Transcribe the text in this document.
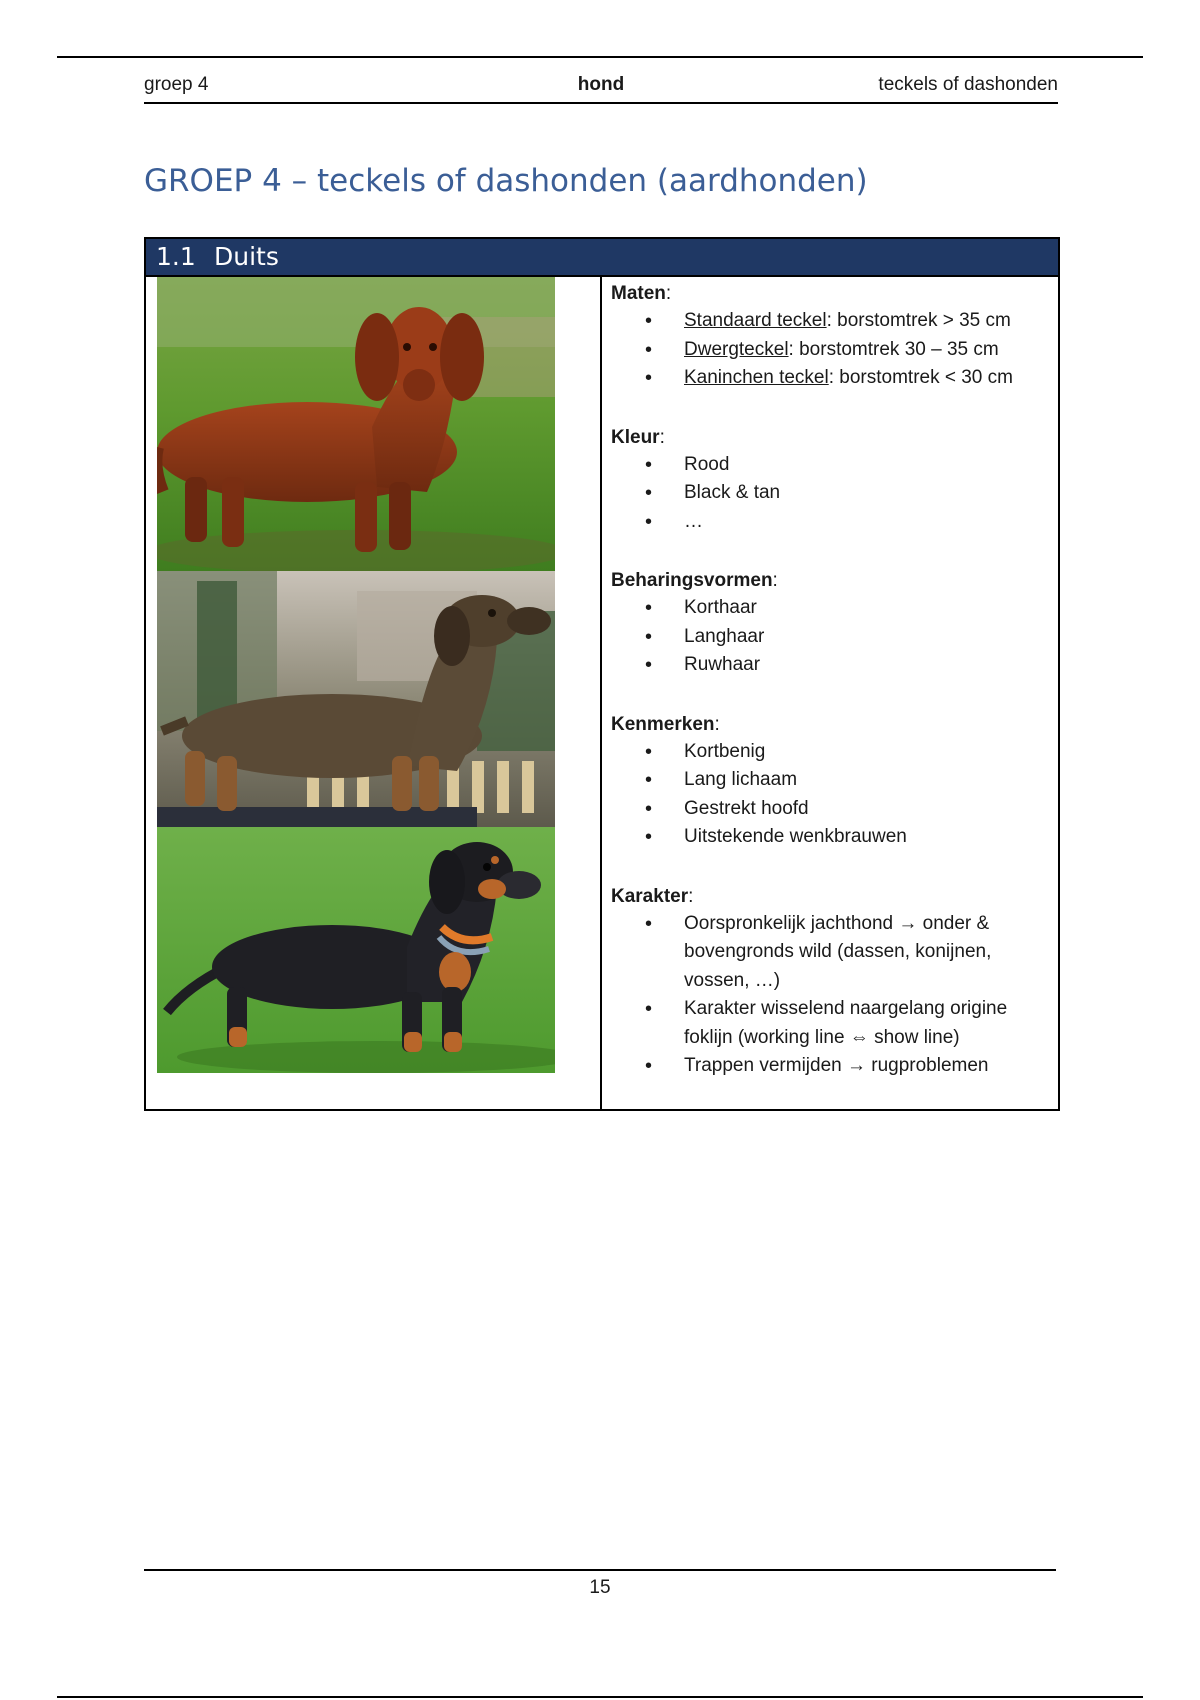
groep 4	hond	teckels of dashonden
GROEP 4 – teckels of dashonden (aardhonden)
1.1 Duits
Maten:
• Standaard teckel: borstomtrek > 35 cm
• Dwergteckel: borstomtrek 30 – 35 cm
• Kaninchen teckel: borstomtrek < 30 cm
Kleur:
• Rood
• Black & tan
• …
Beharingsvormen:
• Korthaar
• Langhaar
• Ruwhaar
Kenmerken:
• Kortbenig
• Lang lichaam
• Gestrekt hoofd
• Uitstekende wenkbrauwen
Karakter:
• Oorspronkelijk jachthond → onder & bovengronds wild (dassen, konijnen, vossen, …)
• Karakter wisselend naargelang origine foklijn (working line ⇔ show line)
• Trappen vermijden → rugproblemen
15
